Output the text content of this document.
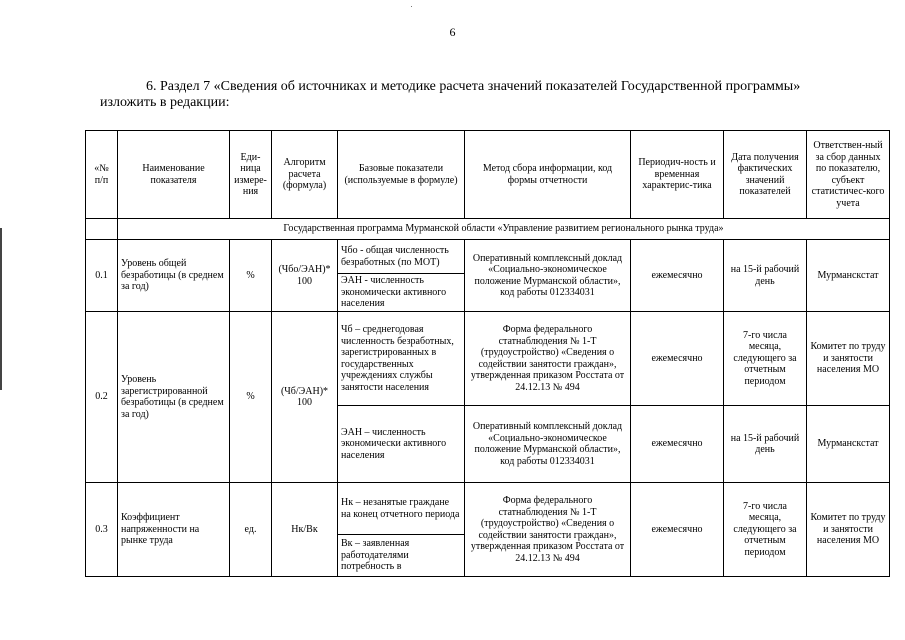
6
6. Раздел 7 «Сведения об источниках и методике расчета значений показателей Государственной программы»
изложить в редакции:
«№ п/п	Наименование показателя	Еди-ница измере-ния	Алгоритм расчета (формула)	Базовые показатели (используемые в формуле)	Метод сбора информации, код формы отчетности	Периодич-ность и временная характерис-тика	Дата получения фактических значений показателей	Ответствен-ный за сбор данных по показателю, субъект статистичес-кого учета
	Государственная программа Мурманской области «Управление развитием регионального рынка труда»							
0.1	Уровень общей безработицы (в среднем за год)	%	(Чбо/ЭАН)* 100	Чбо - общая численность безработных (по МОТ)	Оперативный комплексный доклад «Социально-экономическое положение Мурманской области», код работы 012334031	ежемесячно	на 15-й рабочий день	Мурманскстат
				ЭАН - численность экономически активного населения				
0.2	Уровень зарегистрированной безработицы (в среднем за год)	%	(Чб/ЭАН)* 100	Чб – среднегодовая численность безработных, зарегистрированных в государственных учреждениях службы занятости населения	Форма федерального статнаблюдения № 1-Т (трудоустройство) «Сведения о содействии занятости граждан», утвержденная приказом Росстата от 24.12.13 № 494	ежемесячно	7-го числа месяца, следующего за отчетным периодом	Комитет по труду и занятости населения МО
				ЭАН – численность экономически активного населения	Оперативный комплексный доклад «Социально-экономическое положение Мурманской области», код работы 012334031	ежемесячно	на 15-й рабочий день	Мурманскстат
0.3	Коэффициент напряженности на рынке труда	ед.	Нк/Вк	Нк – незанятые граждане на конец отчетного периода	Форма федерального статнаблюдения № 1-Т (трудоустройство) «Сведения о содействии занятости граждан», утвержденная приказом Росстата от 24.12.13 № 494	ежемесячно	7-го числа месяца, следующего за отчетным периодом	Комитет по труду и занятости населения МО
				Вк – заявленная работодателями потребность в				
